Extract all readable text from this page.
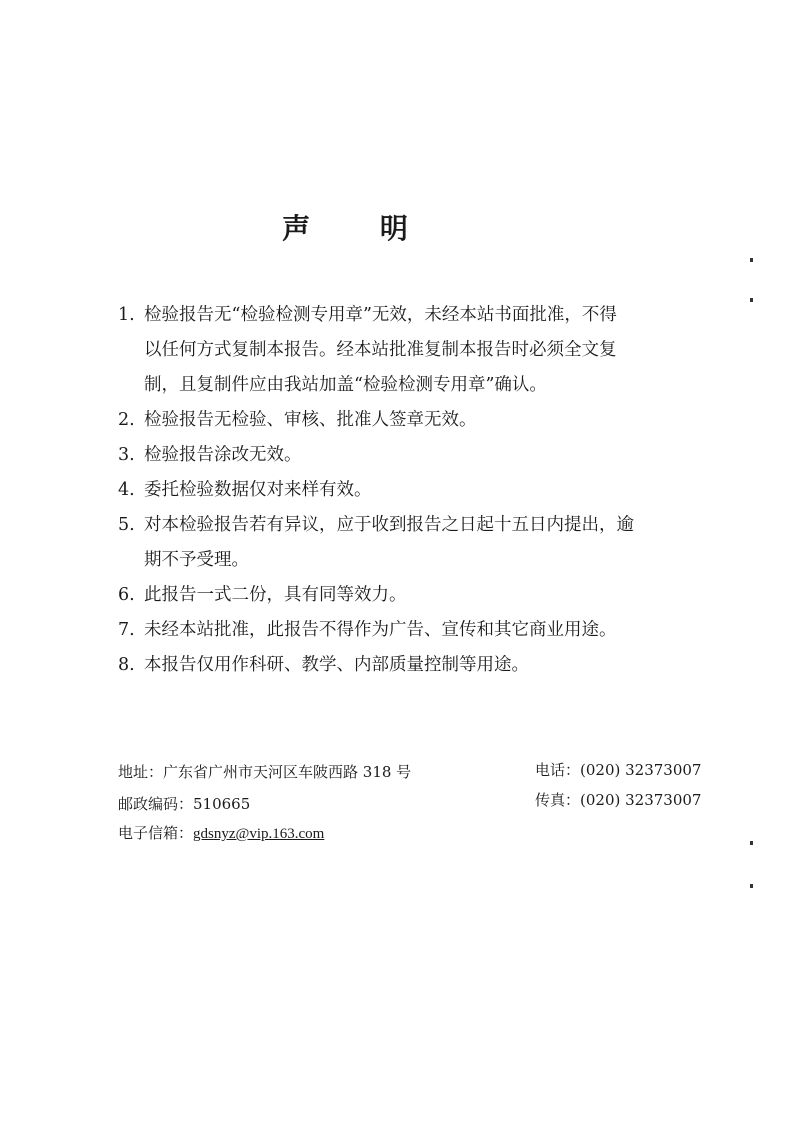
声 明
1. 检验报告无“检验检测专用章”无效，未经本站书面批准，不得
以任何方式复制本报告。经本站批准复制本报告时必须全文复
制，且复制件应由我站加盖“检验检测专用章”确认。
2. 检验报告无检验、审核、批准人签章无效。
3. 检验报告涂改无效。
4. 委托检验数据仅对来样有效。
5. 对本检验报告若有异议，应于收到报告之日起十五日内提出，逾
期不予受理。
6. 此报告一式二份，具有同等效力。
7. 未经本站批准，此报告不得作为广告、宣传和其它商业用途。
8. 本报告仅用作科研、教学、内部质量控制等用途。
地址：广东省广州市天河区车陂西路 318 号	电话：(020) 32373007
邮政编码：510665	传真：(020) 32373007
电子信箱：gdsnyz@vip.163.com
